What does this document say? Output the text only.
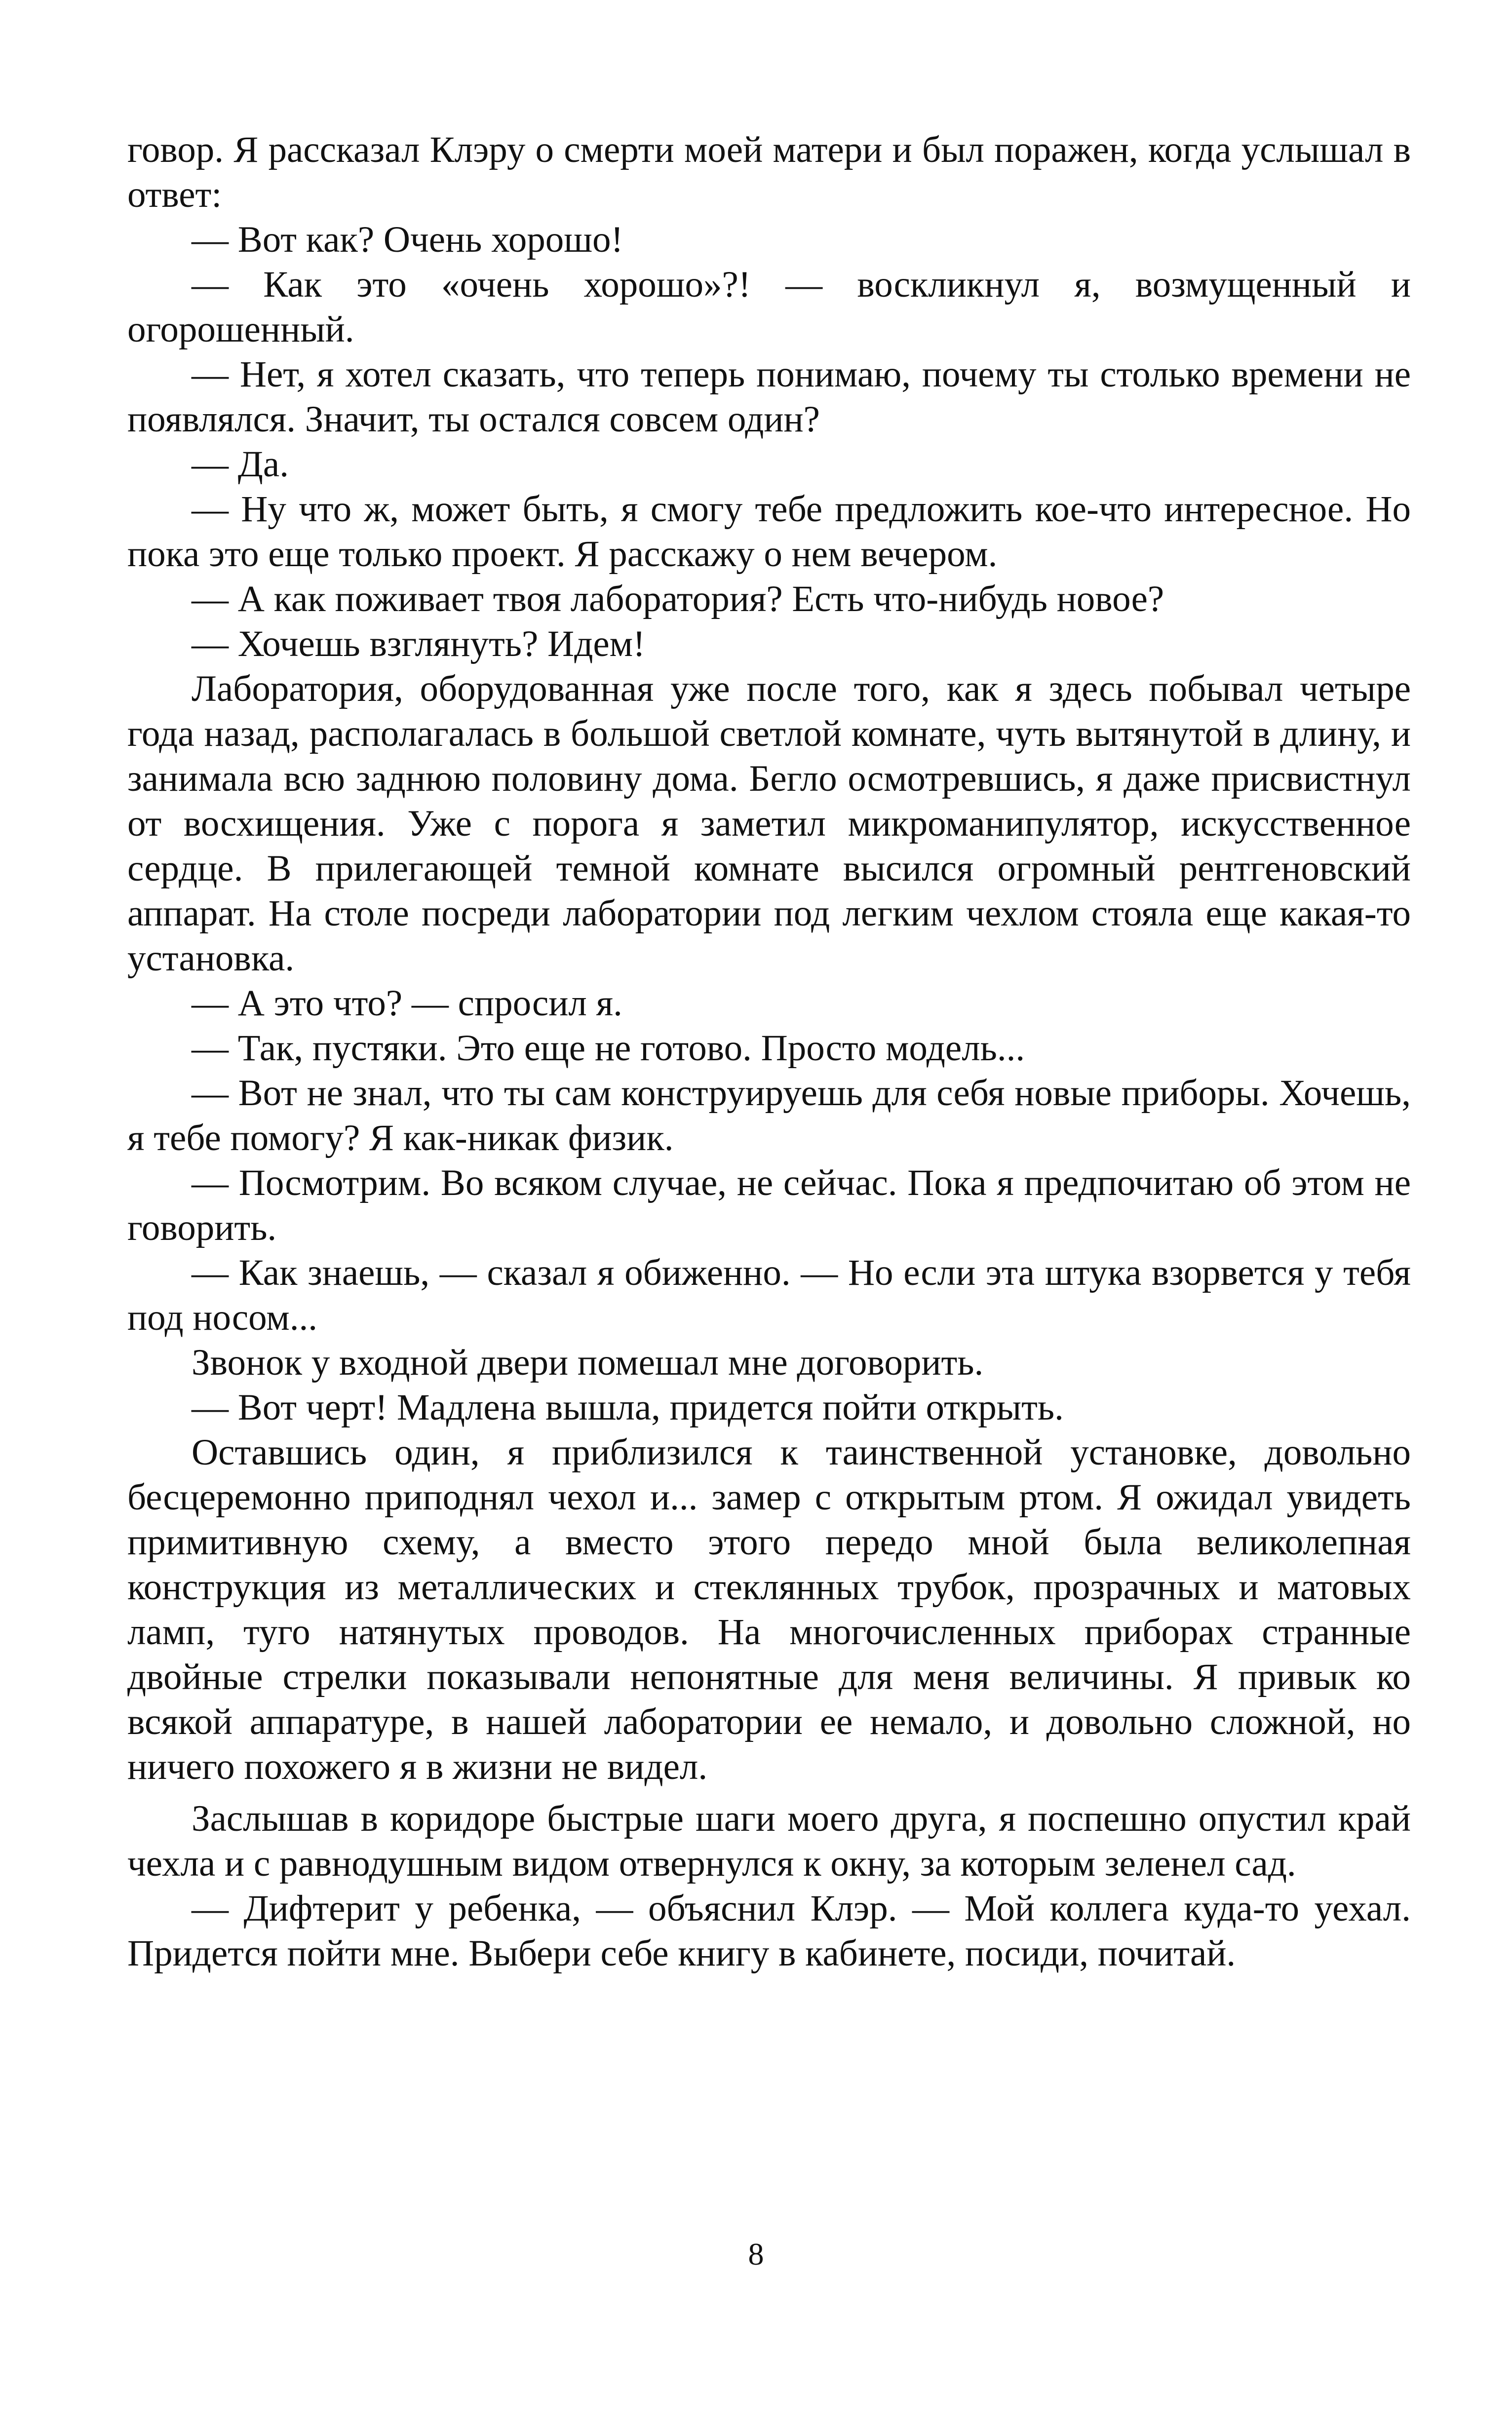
говор. Я рассказал Клэру о смерти моей матери и был поражен, когда услышал в ответ:

— Вот как? Очень хорошо!

— Как это «очень хорошо»?! — воскликнул я, возмущенный и огорошенный.

— Нет, я хотел сказать, что теперь понимаю, почему ты столько времени не появлялся. Значит, ты остался совсем один?

— Да.

— Ну что ж, может быть, я смогу тебе предложить кое-что интересное. Но пока это еще только проект. Я расскажу о нем вечером.

— А как поживает твоя лаборатория? Есть что-нибудь новое?

— Хочешь взглянуть? Идем!

Лаборатория, оборудованная уже после того, как я здесь побывал четыре года назад, располагалась в большой светлой комнате, чуть вытянутой в длину, и занимала всю заднюю половину дома. Бегло осмотревшись, я даже присвистнул от восхищения. Уже с порога я заметил микроманипулятор, искусственное сердце. В прилегающей темной комнате высился огромный рентгеновский аппарат. На столе посреди лаборатории под легким чехлом стояла еще какая-то установка.

— А это что? — спросил я.

— Так, пустяки. Это еще не готово. Просто модель...

— Вот не знал, что ты сам конструируешь для себя новые приборы. Хочешь, я тебе помогу? Я как-никак физик.

— Посмотрим. Во всяком случае, не сейчас. Пока я предпочитаю об этом не говорить.

— Как знаешь, — сказал я обиженно. — Но если эта штука взорвется у тебя под носом...

Звонок у входной двери помешал мне договорить.

— Вот черт! Мадлена вышла, придется пойти открыть.

Оставшись один, я приблизился к таинственной установке, довольно бесцеремонно приподнял чехол и... замер с открытым ртом. Я ожидал увидеть примитивную схему, а вместо этого передо мной была великолепная конструкция из металлических и стеклянных трубок, прозрачных и матовых ламп, туго натянутых проводов. На многочисленных приборах странные двойные стрелки показывали непонятные для меня величины. Я привык ко всякой аппаратуре, в нашей лаборатории ее немало, и довольно сложной, но ничего похожего я в жизни не видел.

Заслышав в коридоре быстрые шаги моего друга, я поспешно опустил край чехла и с равнодушным видом отвернулся к окну, за которым зеленел сад.

— Дифтерит у ребенка, — объяснил Клэр. — Мой коллега куда-то уехал. Придется пойти мне. Выбери себе книгу в кабинете, посиди, почитай.

8
